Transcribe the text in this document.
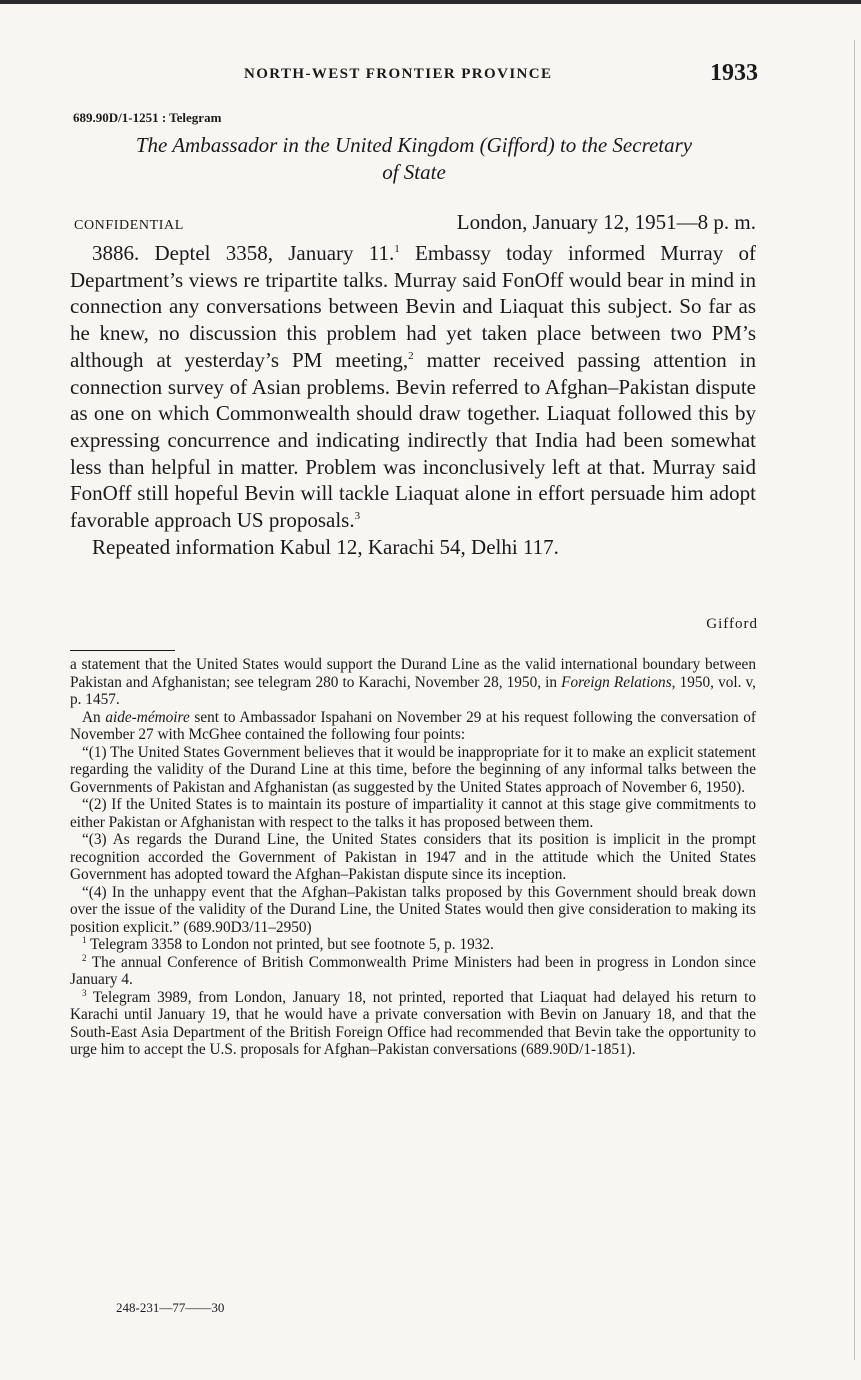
NORTH-WEST FRONTIER PROVINCE	1933
689.90D/1-1251 : Telegram
The Ambassador in the United Kingdom (Gifford) to the Secretary
of State
CONFIDENTIAL	London, January 12, 1951—8 p. m.

3886. Deptel 3358, January 11.$^1$ Embassy today informed Murray of Department’s views re tripartite talks. Murray said FonOff would bear in mind in connection any conversations between Bevin and Liaquat this subject. So far as he knew, no discussion this problem had yet taken place between two PM’s although at yesterday’s PM meeting,$^2$ matter received passing attention in connection survey of Asian problems. Bevin referred to Afghan–Pakistan dispute as one on which Commonwealth should draw together. Liaquat followed this by expressing concurrence and indicating indirectly that India had been somewhat less than helpful in matter. Problem was inconclusively left at that. Murray said FonOff still hopeful Bevin will tackle Liaquat alone in effort persuade him adopt favorable approach US proposals.$^3$

Repeated information Kabul 12, Karachi 54, Delhi 117.

Gifford

a statement that the United States would support the Durand Line as the valid international boundary between Pakistan and Afghanistan; see telegram 280 to Karachi, November 28, 1950, in Foreign Relations, 1950, vol. v, p. 1457.

An aide-mémoire sent to Ambassador Ispahani on November 29 at his request following the conversation of November 27 with McGhee contained the following four points:

“(1) The United States Government believes that it would be inappropriate for it to make an explicit statement regarding the validity of the Durand Line at this time, before the beginning of any informal talks between the Governments of Pakistan and Afghanistan (as suggested by the United States approach of November 6, 1950).

“(2) If the United States is to maintain its posture of impartiality it cannot at this stage give commitments to either Pakistan or Afghanistan with respect to the talks it has proposed between them.

“(3) As regards the Durand Line, the United States considers that its position is implicit in the prompt recognition accorded the Government of Pakistan in 1947 and in the attitude which the United States Government has adopted toward the Afghan–Pakistan dispute since its inception.

“(4) In the unhappy event that the Afghan–Pakistan talks proposed by this Government should break down over the issue of the validity of the Durand Line, the United States would then give consideration to making its position explicit.” (689.90D3/11–2950)

$^1$ Telegram 3358 to London not printed, but see footnote 5, p. 1932.

$^2$ The annual Conference of British Commonwealth Prime Ministers had been in progress in London since January 4.

$^3$ Telegram 3989, from London, January 18, not printed, reported that Liaquat had delayed his return to Karachi until January 19, that he would have a private conversation with Bevin on January 18, and that the South-East Asia Department of the British Foreign Office had recommended that Bevin take the opportunity to urge him to accept the U.S. proposals for Afghan–Pakistan conversations (689.90D/1-1851).

248-231—77——30
